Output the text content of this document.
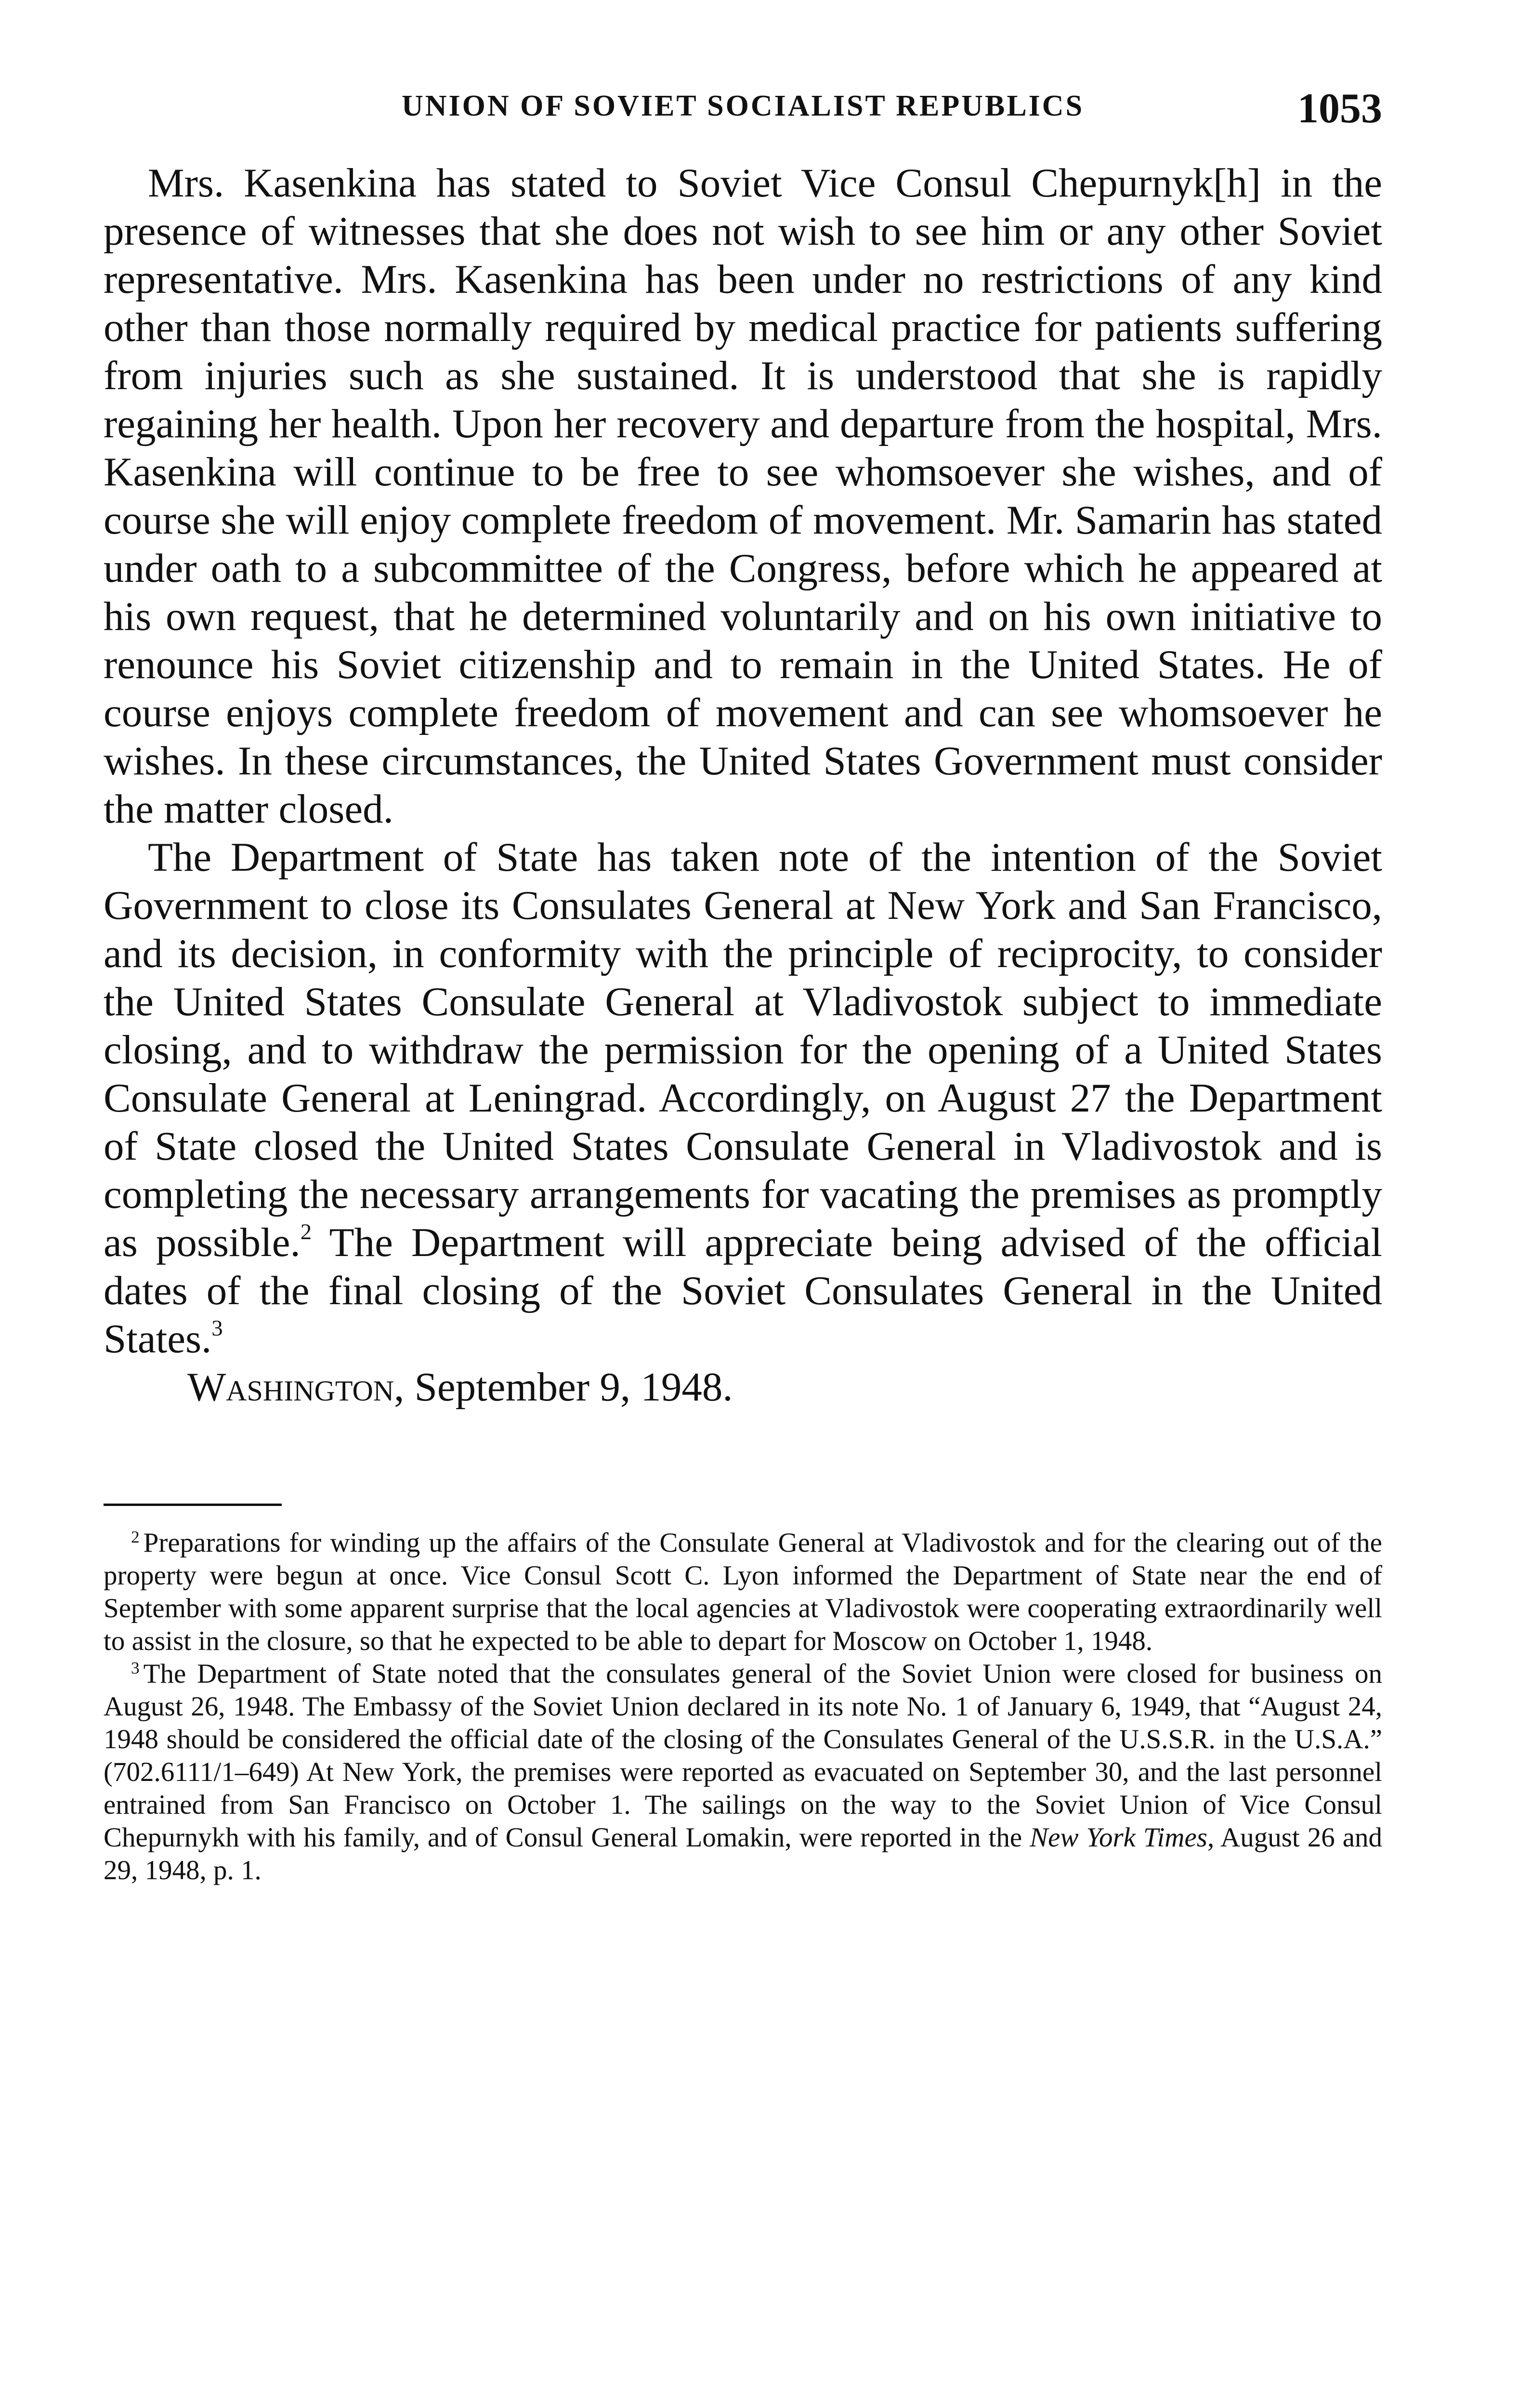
UNION OF SOVIET SOCIALIST REPUBLICS	1053

Mrs. Kasenkina has stated to Soviet Vice Consul Chepurnyk[h] in the presence of witnesses that she does not wish to see him or any other Soviet representative. Mrs. Kasenkina has been under no restrictions of any kind other than those normally required by medical practice for patients suffering from injuries such as she sustained. It is understood that she is rapidly regaining her health. Upon her recovery and departure from the hospital, Mrs. Kasenkina will continue to be free to see whomsoever she wishes, and of course she will enjoy complete freedom of movement. Mr. Samarin has stated under oath to a subcommittee of the Congress, before which he appeared at his own request, that he determined voluntarily and on his own initiative to renounce his Soviet citizenship and to remain in the United States. He of course enjoys complete freedom of movement and can see whomsoever he wishes. In these circumstances, the United States Government must consider the matter closed.

The Department of State has taken note of the intention of the Soviet Government to close its Consulates General at New York and San Francisco, and its decision, in conformity with the principle of reciprocity, to consider the United States Consulate General at Vladivostok subject to immediate closing, and to withdraw the permission for the opening of a United States Consulate General at Leningrad. Accordingly, on August 27 the Department of State closed the United States Consulate General in Vladivostok and is completing the necessary arrangements for vacating the premises as promptly as possible.$^2$ The Department will appreciate being advised of the official dates of the final closing of the Soviet Consulates General in the United States.$^3$

Washington, September 9, 1948.

$^2$ Preparations for winding up the affairs of the Consulate General at Vladivostok and for the clearing out of the property were begun at once. Vice Consul Scott C. Lyon informed the Department of State near the end of September with some apparent surprise that the local agencies at Vladivostok were cooperating extraordinarily well to assist in the closure, so that he expected to be able to depart for Moscow on October 1, 1948.

$^3$ The Department of State noted that the consulates general of the Soviet Union were closed for business on August 26, 1948. The Embassy of the Soviet Union declared in its note No. 1 of January 6, 1949, that “August 24, 1948 should be considered the official date of the closing of the Consulates General of the U.S.S.R. in the U.S.A.” (702.6111/1–649) At New York, the premises were reported as evacuated on September 30, and the last personnel entrained from San Francisco on October 1. The sailings on the way to the Soviet Union of Vice Consul Chepurnykh with his family, and of Consul General Lomakin, were reported in the New York Times, August 26 and 29, 1948, p. 1.
